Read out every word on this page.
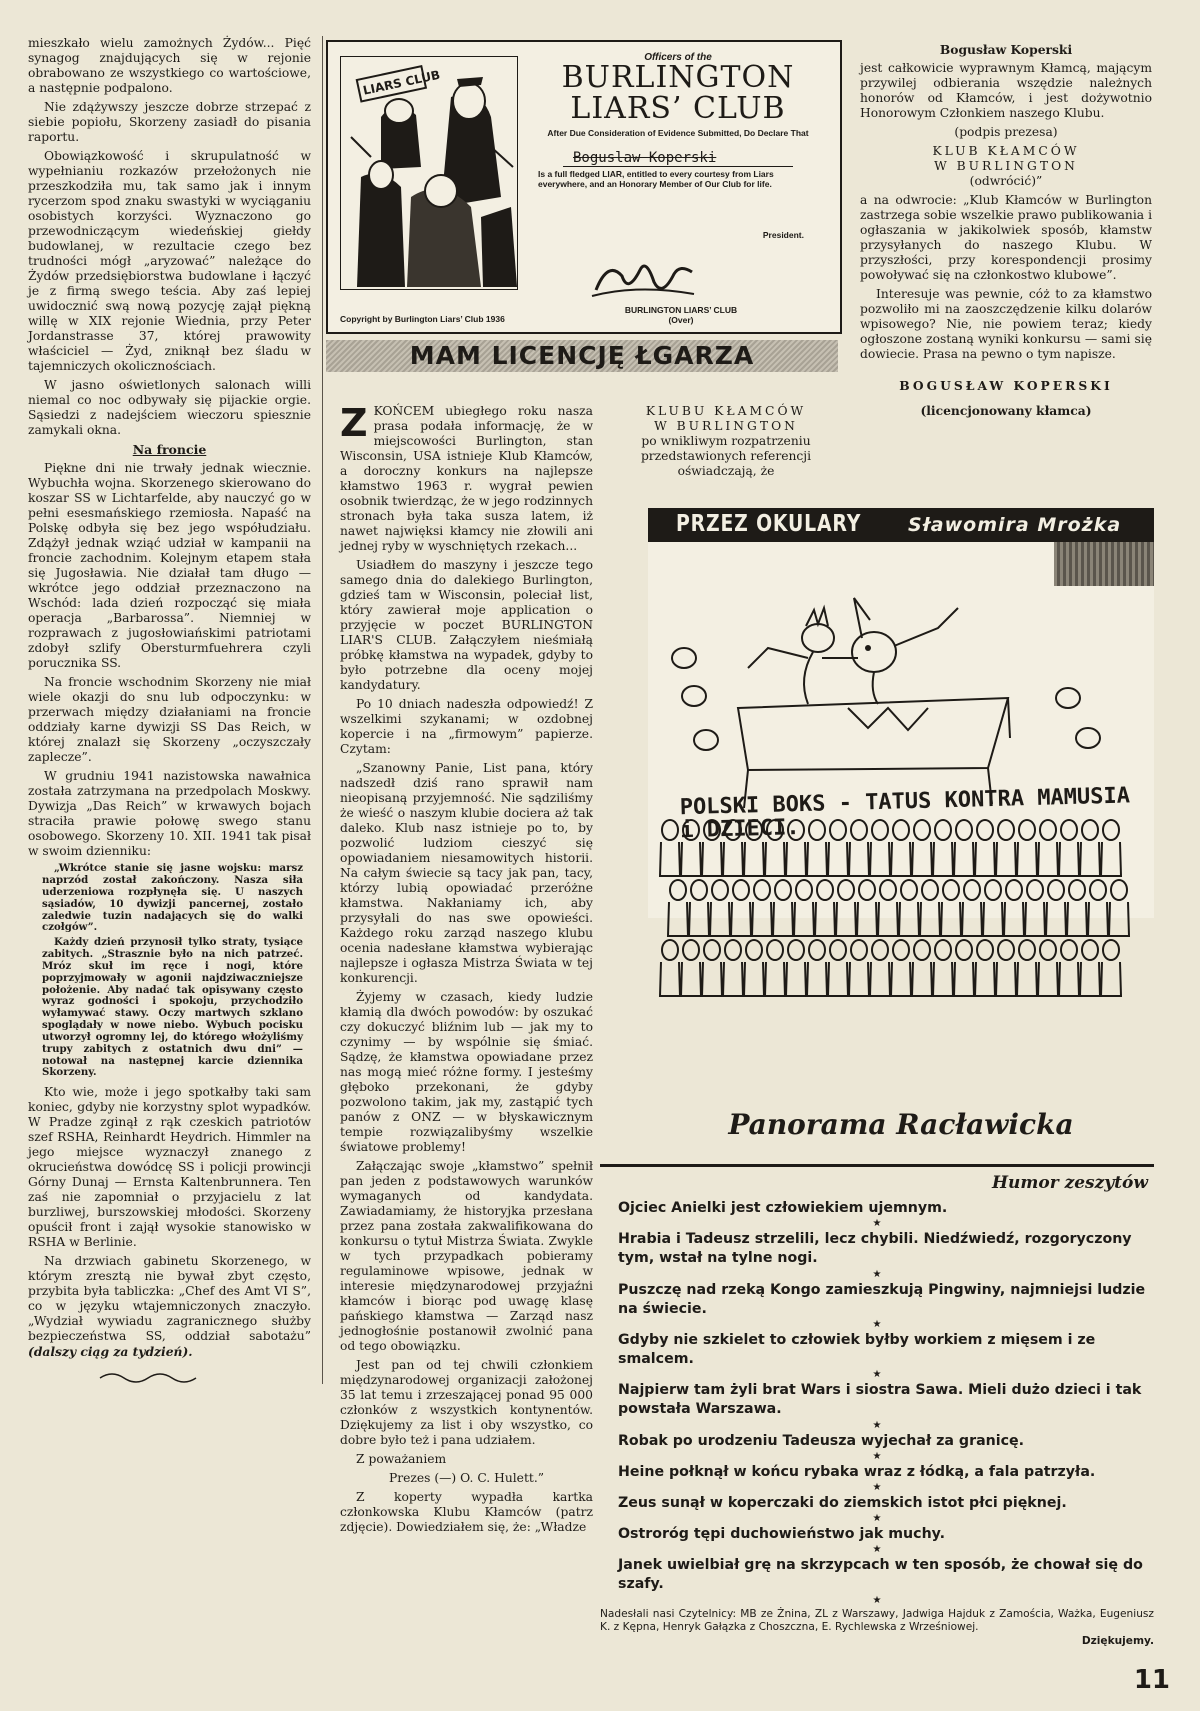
mieszkało wielu zamożnych Żydów... Pięć synagog znajdujących się w rejonie obrabowano ze wszystkiego co wartościowe, a następnie podpalono.

Nie zdążywszy jeszcze dobrze strzepać z siebie popiołu, Skorzeny zasiadł do pisania raportu.

Obowiązkowość i skrupulatność w wypełnianiu rozkazów przełożonych nie przeszkodziła mu, tak samo jak i innym rycerzom spod znaku swastyki w wyciąganiu osobistych korzyści. Wyznaczono go przewodniczącym wiedeńskiej giełdy budowlanej, w rezultacie czego bez trudności mógł „aryzować” należące do Żydów przedsiębiorstwa budowlane i łączyć je z firmą swego teścia. Aby zaś lepiej uwidocznić swą nową pozycję zajął piękną willę w XIX rejonie Wiednia, przy Peter Jordanstrasse 37, której prawowity właściciel — Żyd, zniknął bez śladu w tajemniczych okolicznościach.

W jasno oświetlonych salonach willi niemal co noc odbywały się pijackie orgie. Sąsiedzi z nadejściem wieczoru spiesznie zamykali okna.

Na froncie

Piękne dni nie trwały jednak wiecznie. Wybuchła wojna. Skorzenego skierowano do koszar SS w Lichtarfelde, aby nauczyć go w pełni esesmańskiego rzemiosła. Napaść na Polskę odbyła się bez jego współudziału. Zdążył jednak wziąć udział w kampanii na froncie zachodnim. Kolejnym etapem stała się Jugosławia. Nie działał tam długo — wkrótce jego oddział przeznaczono na Wschód: lada dzień rozpocząć się miała operacja „Barbarossa”. Niemniej w rozprawach z jugosłowiańskimi patriotami zdobył szlify Obersturmfuehrera czyli porucznika SS.

Na froncie wschodnim Skorzeny nie miał wiele okazji do snu lub odpoczynku: w przerwach między działaniami na froncie oddziały karne dywizji SS Das Reich, w której znalazł się Skorzeny „oczyszczały zaplecze”.

W grudniu 1941 nazistowska nawałnica została zatrzymana na przedpolach Moskwy. Dywizja „Das Reich” w krwawych bojach straciła prawie połowę swego stanu osobowego. Skorzeny 10. XII. 1941 tak pisał w swoim dzienniku:

„Wkrótce stanie się jasne wojsku: marsz naprzód został zakończony. Nasza siła uderzeniowa rozpłynęła się. U naszych sąsiadów, 10 dywizji pancernej, zostało zaledwie tuzin nadających się do walki czołgów”.

Każdy dzień przynosił tylko straty, tysiące zabitych. „Strasznie było na nich patrzeć. Mróz skuł im ręce i nogi, które poprzyjmowały w agonii najdziwaczniejsze położenie. Aby nadać tak opisywany często wyraz godności i spokoju, przychodziło wyłamywać stawy. Oczy martwych szklano spoglądały w nowe niebo. Wybuch pocisku utworzył ogromny lej, do którego włożyliśmy trupy zabitych z ostatnich dwu dni” — notował na następnej karcie dziennika Skorzeny.

Kto wie, może i jego spotkałby taki sam koniec, gdyby nie korzystny splot wypadków. W Pradze zginął z rąk czeskich patriotów szef RSHA, Reinhardt Heydrich. Himmler na jego miejsce wyznaczył znanego z okrucieństwa dowódcę SS i policji prowincji Górny Dunaj — Ernsta Kaltenbrunnera. Ten zaś nie zapomniał o przyjacielu z lat burzliwej, burszowskiej młodości. Skorzeny opuścił front i zajął wysokie stanowisko w RSHA w Berlinie.

Na drzwiach gabinetu Skorzenego, w którym zresztą nie bywał zbyt często, przybita była tabliczka: „Chef des Amt VI S”, co w języku wtajemniczonych znaczyło. „Wydział wywiadu zagranicznego służby bezpieczeństwa SS, oddział sabotażu” (dalszy ciąg za tydzień).

LIARS CLUB
Copyright by Burlington Liars’ Club 1936
Officers of the
BURLINGTON
LIARS’ CLUB
After Due Consideration of Evidence Submitted, Do Declare That
Boguslaw Koperski
Is a full fledged LIAR, entitled to every courtesy from Liars everywhere, and an Honorary Member of Our Club for life.
President.
BURLINGTON LIARS’ CLUB
(Over)
MAM LICENCJĘ ŁGARZA

ZKOŃCEM ubiegłego roku nasza prasa podała informację, że w miejscowości Burlington, stan Wisconsin, USA istnieje Klub Kłamców, a doroczny konkurs na najlepsze kłamstwo 1963 r. wygrał pewien osobnik twierdząc, że w jego rodzinnych stronach była taka susza latem, iż nawet najwięksi kłamcy nie złowili ani jednej ryby w wyschniętych rzekach...

Usiadłem do maszyny i jeszcze tego samego dnia do dalekiego Burlington, gdzieś tam w Wisconsin, poleciał list, który zawierał moje application o przyjęcie w poczet BURLINGTON LIAR'S CLUB. Załączyłem nieśmiałą próbkę kłamstwa na wypadek, gdyby to było potrzebne dla oceny mojej kandydatury.

Po 10 dniach nadeszła odpowiedź! Z wszelkimi szykanami; w ozdobnej kopercie i na „firmowym” papierze. Czytam:

„Szanowny Panie, List pana, który nadszedł dziś rano sprawił nam nieopisaną przyjemność. Nie sądziliśmy że wieść o naszym klubie dociera aż tak daleko. Klub nasz istnieje po to, by pozwolić ludziom cieszyć się opowiadaniem niesamowitych historii. Na całym świecie są tacy jak pan, tacy, którzy lubią opowiadać przeróżne kłamstwa. Nakłaniamy ich, aby przysyłali do nas swe opowieści. Każdego roku zarząd naszego klubu ocenia nadesłane kłamstwa wybierając najlepsze i ogłasza Mistrza Świata w tej konkurencji.

Żyjemy w czasach, kiedy ludzie kłamią dla dwóch powodów: by oszukać czy dokuczyć bliźnim lub — jak my to czynimy — by wspólnie się śmiać. Sądzę, że kłamstwa opowiadane przez nas mogą mieć różne formy. I jesteśmy głęboko przekonani, że gdyby pozwolono takim, jak my, zastąpić tych panów z ONZ — w błyskawicznym tempie rozwiązalibyśmy wszelkie światowe problemy!

Załączając swoje „kłamstwo” spełnił pan jeden z podstawowych warunków wymaganych od kandydata. Zawiadamiamy, że historyjka przesłana przez pana została zakwalifikowana do konkursu o tytuł Mistrza Świata. Zwykle w tych przypadkach pobieramy regulaminowe wpisowe, jednak w interesie międzynarodowej przyjaźni kłamców i biorąc pod uwagę klasę pańskiego kłamstwa — Zarząd nasz jednogłośnie postanowił zwolnić pana od tego obowiązku.

Jest pan od tej chwili członkiem międzynarodowej organizacji założonej 35 lat temu i zrzeszającej ponad 95 000 członków z wszystkich kontynentów. Dziękujemy za list i oby wszystko, co dobre było też i pana udziałem.

Z poważaniem

Prezes (—) O. C. Hulett.”

Z koperty wypadła kartka członkowska Klubu Kłamców (patrz zdjęcie). Dowiedziałem się, że: „Władze

KLUBU KŁAMCÓW
W BURLINGTON
po wnikliwym rozpatrzeniu przedstawionych referencji oświadczają, że

Bogusław Koperski

jest całkowicie wyprawnym Kłamcą, mającym przywilej odbierania wszędzie należnych honorów od Kłamców, i jest dożywotnio Honorowym Członkiem naszego Klubu.

(podpis prezesa)

KLUB KŁAMCÓW

W BURLINGTON

(odwrócić)”

a na odwrocie: „Klub Kłamców w Burlington zastrzega sobie wszelkie prawo publikowania i ogłaszania w jakikolwiek sposób, kłamstw przysyłanych do naszego Klubu. W przyszłości, przy korespondencji prosimy powoływać się na członkostwo klubowe”.

Interesuje was pewnie, cóż to za kłamstwo pozwoliło mi na zaoszczędzenie kilku dolarów wpisowego? Nie, nie powiem teraz; kiedy ogłoszone zostaną wyniki konkursu — sami się dowiecie. Prasa na pewno o tym napisze.

BOGUSŁAW KOPERSKI
(licencjonowany kłamca)
PRZEZ OKULARY Sławomira Mrożka
POLSKI BOKS - TATUS KONTRA MAMUSIA i DZIECI.
Panorama Racławicka
Humor zeszytów
Ojciec Anielki jest człowiekiem ujemnym.
★
Hrabia i Tadeusz strzelili, lecz chybili. Niedźwiedź, rozgoryczony tym, wstał na tylne nogi.
★
Puszczę nad rzeką Kongo zamieszkują Pingwiny, najmniejsi ludzie na świecie.
★
Gdyby nie szkielet to człowiek byłby workiem z mięsem i ze smalcem.
★
Najpierw tam żyli brat Wars i siostra Sawa. Mieli dużo dzieci i tak powstała Warszawa.
★
Robak po urodzeniu Tadeusza wyjechał za granicę.
★
Heine połknął w końcu rybaka wraz z łódką, a fala patrzyła.
★
Zeus sunął w koperczaki do ziemskich istot płci pięknej.
★
Ostroróg tępi duchowieństwo jak muchy.
★
Janek uwielbiał grę na skrzypcach w ten sposób, że chował się do szafy.
★
Nadesłali nasi Czytelnicy: MB ze Żnina, ZL z Warszawy, Jadwiga Hajduk z Zamościa, Ważka, Eugeniusz K. z Kępna, Henryk Gałązka z Choszczna, E. Rychlewska z Wrześniowej.
Dziękujemy.
11
